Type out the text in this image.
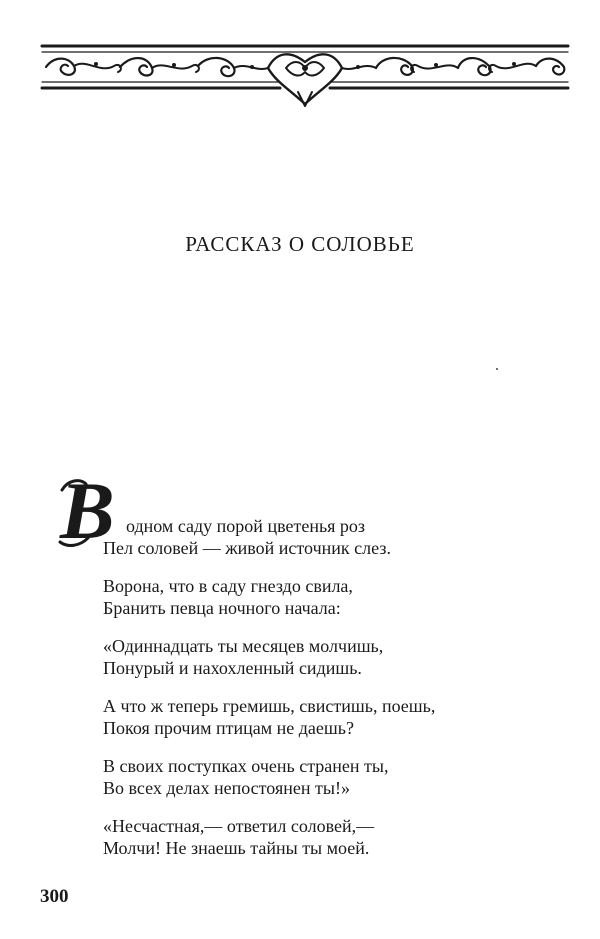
РАССКАЗ О СОЛОВЬЕ
В одном саду порой цветенья роз
Пел соловей — живой источник слез.
Ворона, что в саду гнездо свила,
Бранить певца ночного начала:
«Одиннадцать ты месяцев молчишь,
Понурый и нахохленный сидишь.
А что ж теперь гремишь, свистишь, поешь,
Покоя прочим птицам не даешь?
В своих поступках очень странен ты,
Во всех делах непостоянен ты!»
«Несчастная,— ответил соловей,—
Молчи! Не знаешь тайны ты моей.
300
